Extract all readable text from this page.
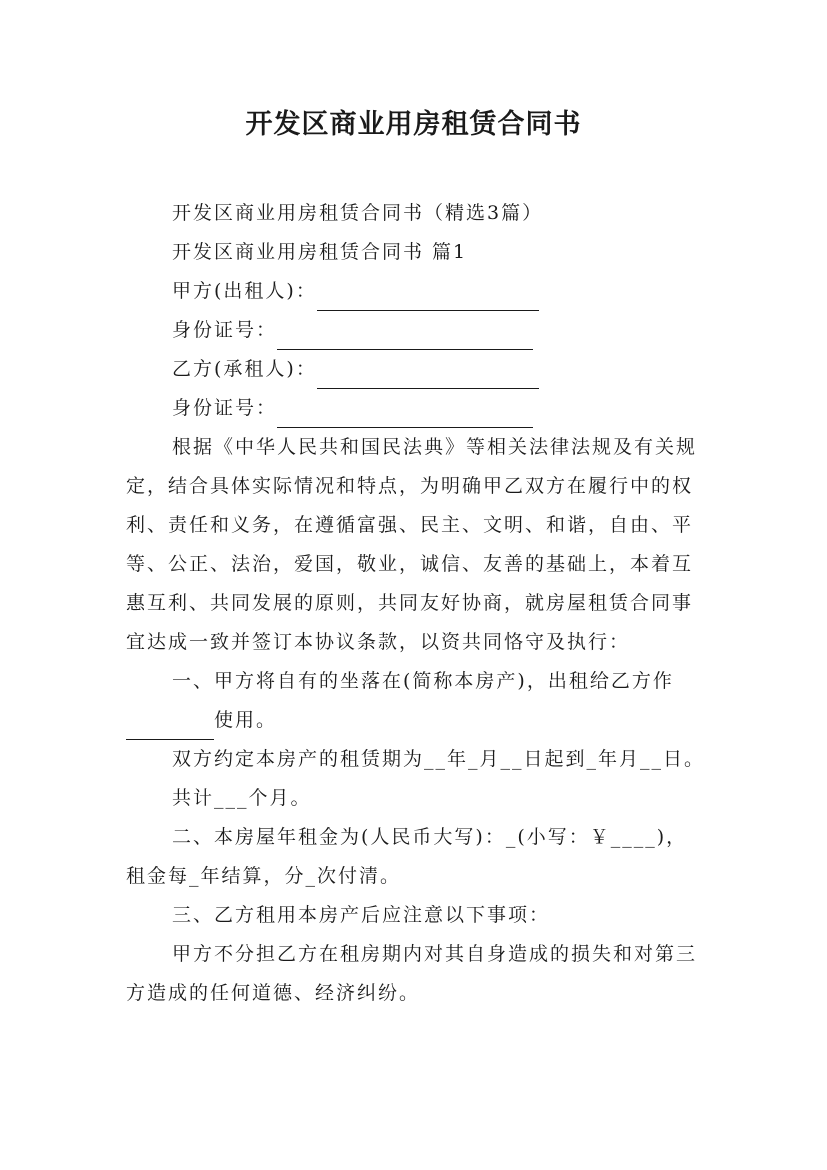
开发区商业用房租赁合同书

开发区商业用房租赁合同书（精选3篇）

开发区商业用房租赁合同书 篇1

甲方(出租人)：

身份证号：

乙方(承租人)：

身份证号：

根据《中华人民共和国民法典》等相关法律法规及有关规定，结合具体实际情况和特点，为明确甲乙双方在履行中的权利、责任和义务，在遵循富强、民主、文明、和谐，自由、平等、公正、法治，爱国，敬业，诚信、友善的基础上，本着互惠互利、共同发展的原则，共同友好协商，就房屋租赁合同事宜达成一致并签订本协议条款，以资共同恪守及执行：

一、甲方将自有的坐落在(简称本房产)，出租给乙方作

使用。

双方约定本房产的租赁期为__年_月__日起到_年月__日。

共计___个月。

二、本房屋年租金为(人民币大写)：_(小写：￥____)，租金每_年结算，分_次付清。

三、乙方租用本房产后应注意以下事项：

甲方不分担乙方在租房期内对其自身造成的损失和对第三方造成的任何道德、经济纠纷。
